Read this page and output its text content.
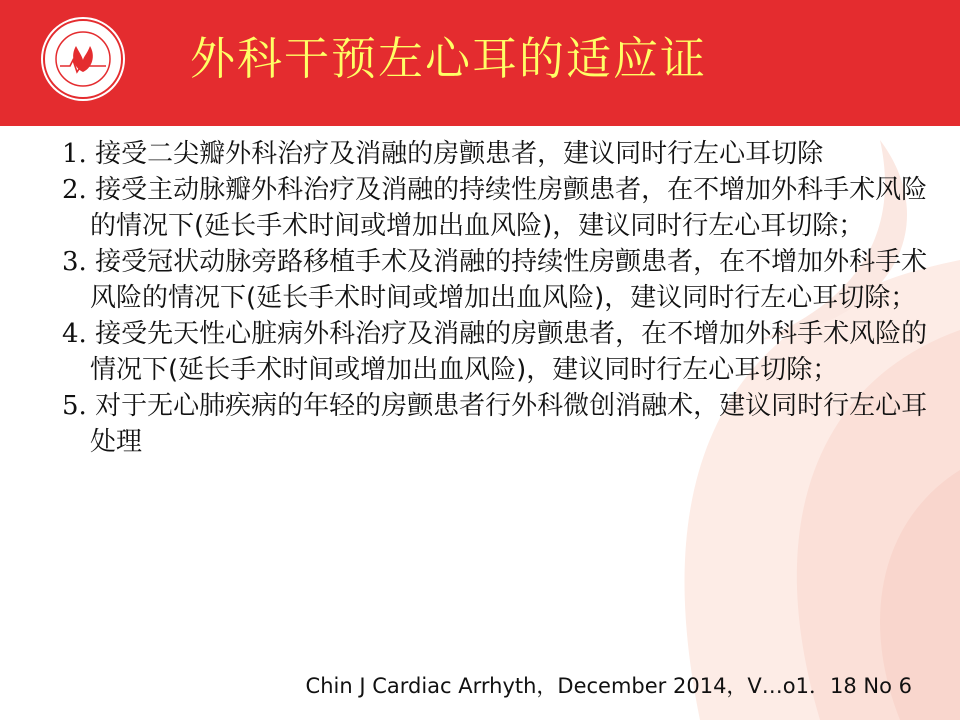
外科干预左心耳的适应证
1. 接受二尖瓣外科治疗及消融的房颤患者，建议同时行左心耳切除
2. 接受主动脉瓣外科治疗及消融的持续性房颤患者，在不增加外科手术风险的情况下(延长手术时间或增加出血风险)，建议同时行左心耳切除；
3. 接受冠状动脉旁路移植手术及消融的持续性房颤患者，在不增加外科手术风险的情况下(延长手术时间或增加出血风险)，建议同时行左心耳切除；
4. 接受先天性心脏病外科治疗及消融的房颤患者，在不增加外科手术风险的情况下(延长手术时间或增加出血风险)，建议同时行左心耳切除；
5. 对于无心肺疾病的年轻的房颤患者行外科微创消融术，建议同时行左心耳处理
Chin J Cardiac Arrhyth，December 2014，V…o1．18 No 6
